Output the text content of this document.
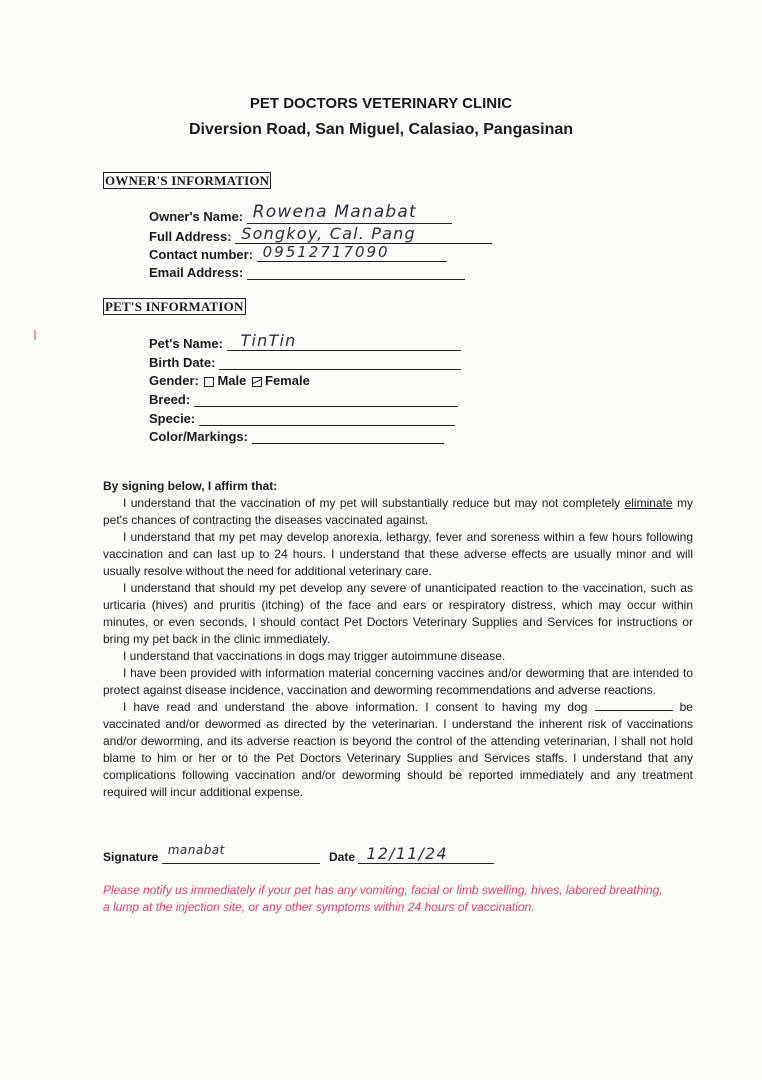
PET DOCTORS VETERINARY CLINIC
Diversion Road, San Miguel, Calasiao, Pangasinan
OWNER'S INFORMATION
Owner's Name: Rowena Manabat
Full Address: Songkoy, Cal. Pang
Contact number: 09512717090
Email Address:
PET'S INFORMATION
Pet's Name: TinTin
Birth Date:
Gender: Male Female
Breed:
Specie:
Color/Markings:

By signing below, I affirm that:

I understand that the vaccination of my pet will substantially reduce but may not completely eliminate my pet's chances of contracting the diseases vaccinated against.

I understand that my pet may develop anorexia, lethargy, fever and soreness within a few hours following vaccination and can last up to 24 hours. I understand that these adverse effects are usually minor and will usually resolve without the need for additional veterinary care.

I understand that should my pet develop any severe of unanticipated reaction to the vaccination, such as urticaria (hives) and pruritis (itching) of the face and ears or respiratory distress, which may occur within minutes, or even seconds, I should contact Pet Doctors Veterinary Supplies and Services for instructions or bring my pet back in the clinic immediately.

I understand that vaccinations in dogs may trigger autoimmune disease.

I have been provided with information material concerning vaccines and/or deworming that are intended to protect against disease incidence, vaccination and deworming recommendations and adverse reactions.

I have read and understand the above information. I consent to having my dog	be vaccinated and/or dewormed as directed by the veterinarian. I understand the inherent risk of vaccinations and/or deworming, and its adverse reaction is beyond the control of the attending veterinarian, I shall not hold blame to him or her or to the Pet Doctors Veterinary Supplies and Services staffs. I understand that any complications following vaccination and/or deworming should be reported immediately and any treatment required will incur additional expense.

Signature manabat	Date 12/11/24
Please notify us immediately if your pet has any vomiting, facial or limb swelling, hives, labored breathing, a lump at the injection site, or any other symptoms within 24 hours of vaccination.
